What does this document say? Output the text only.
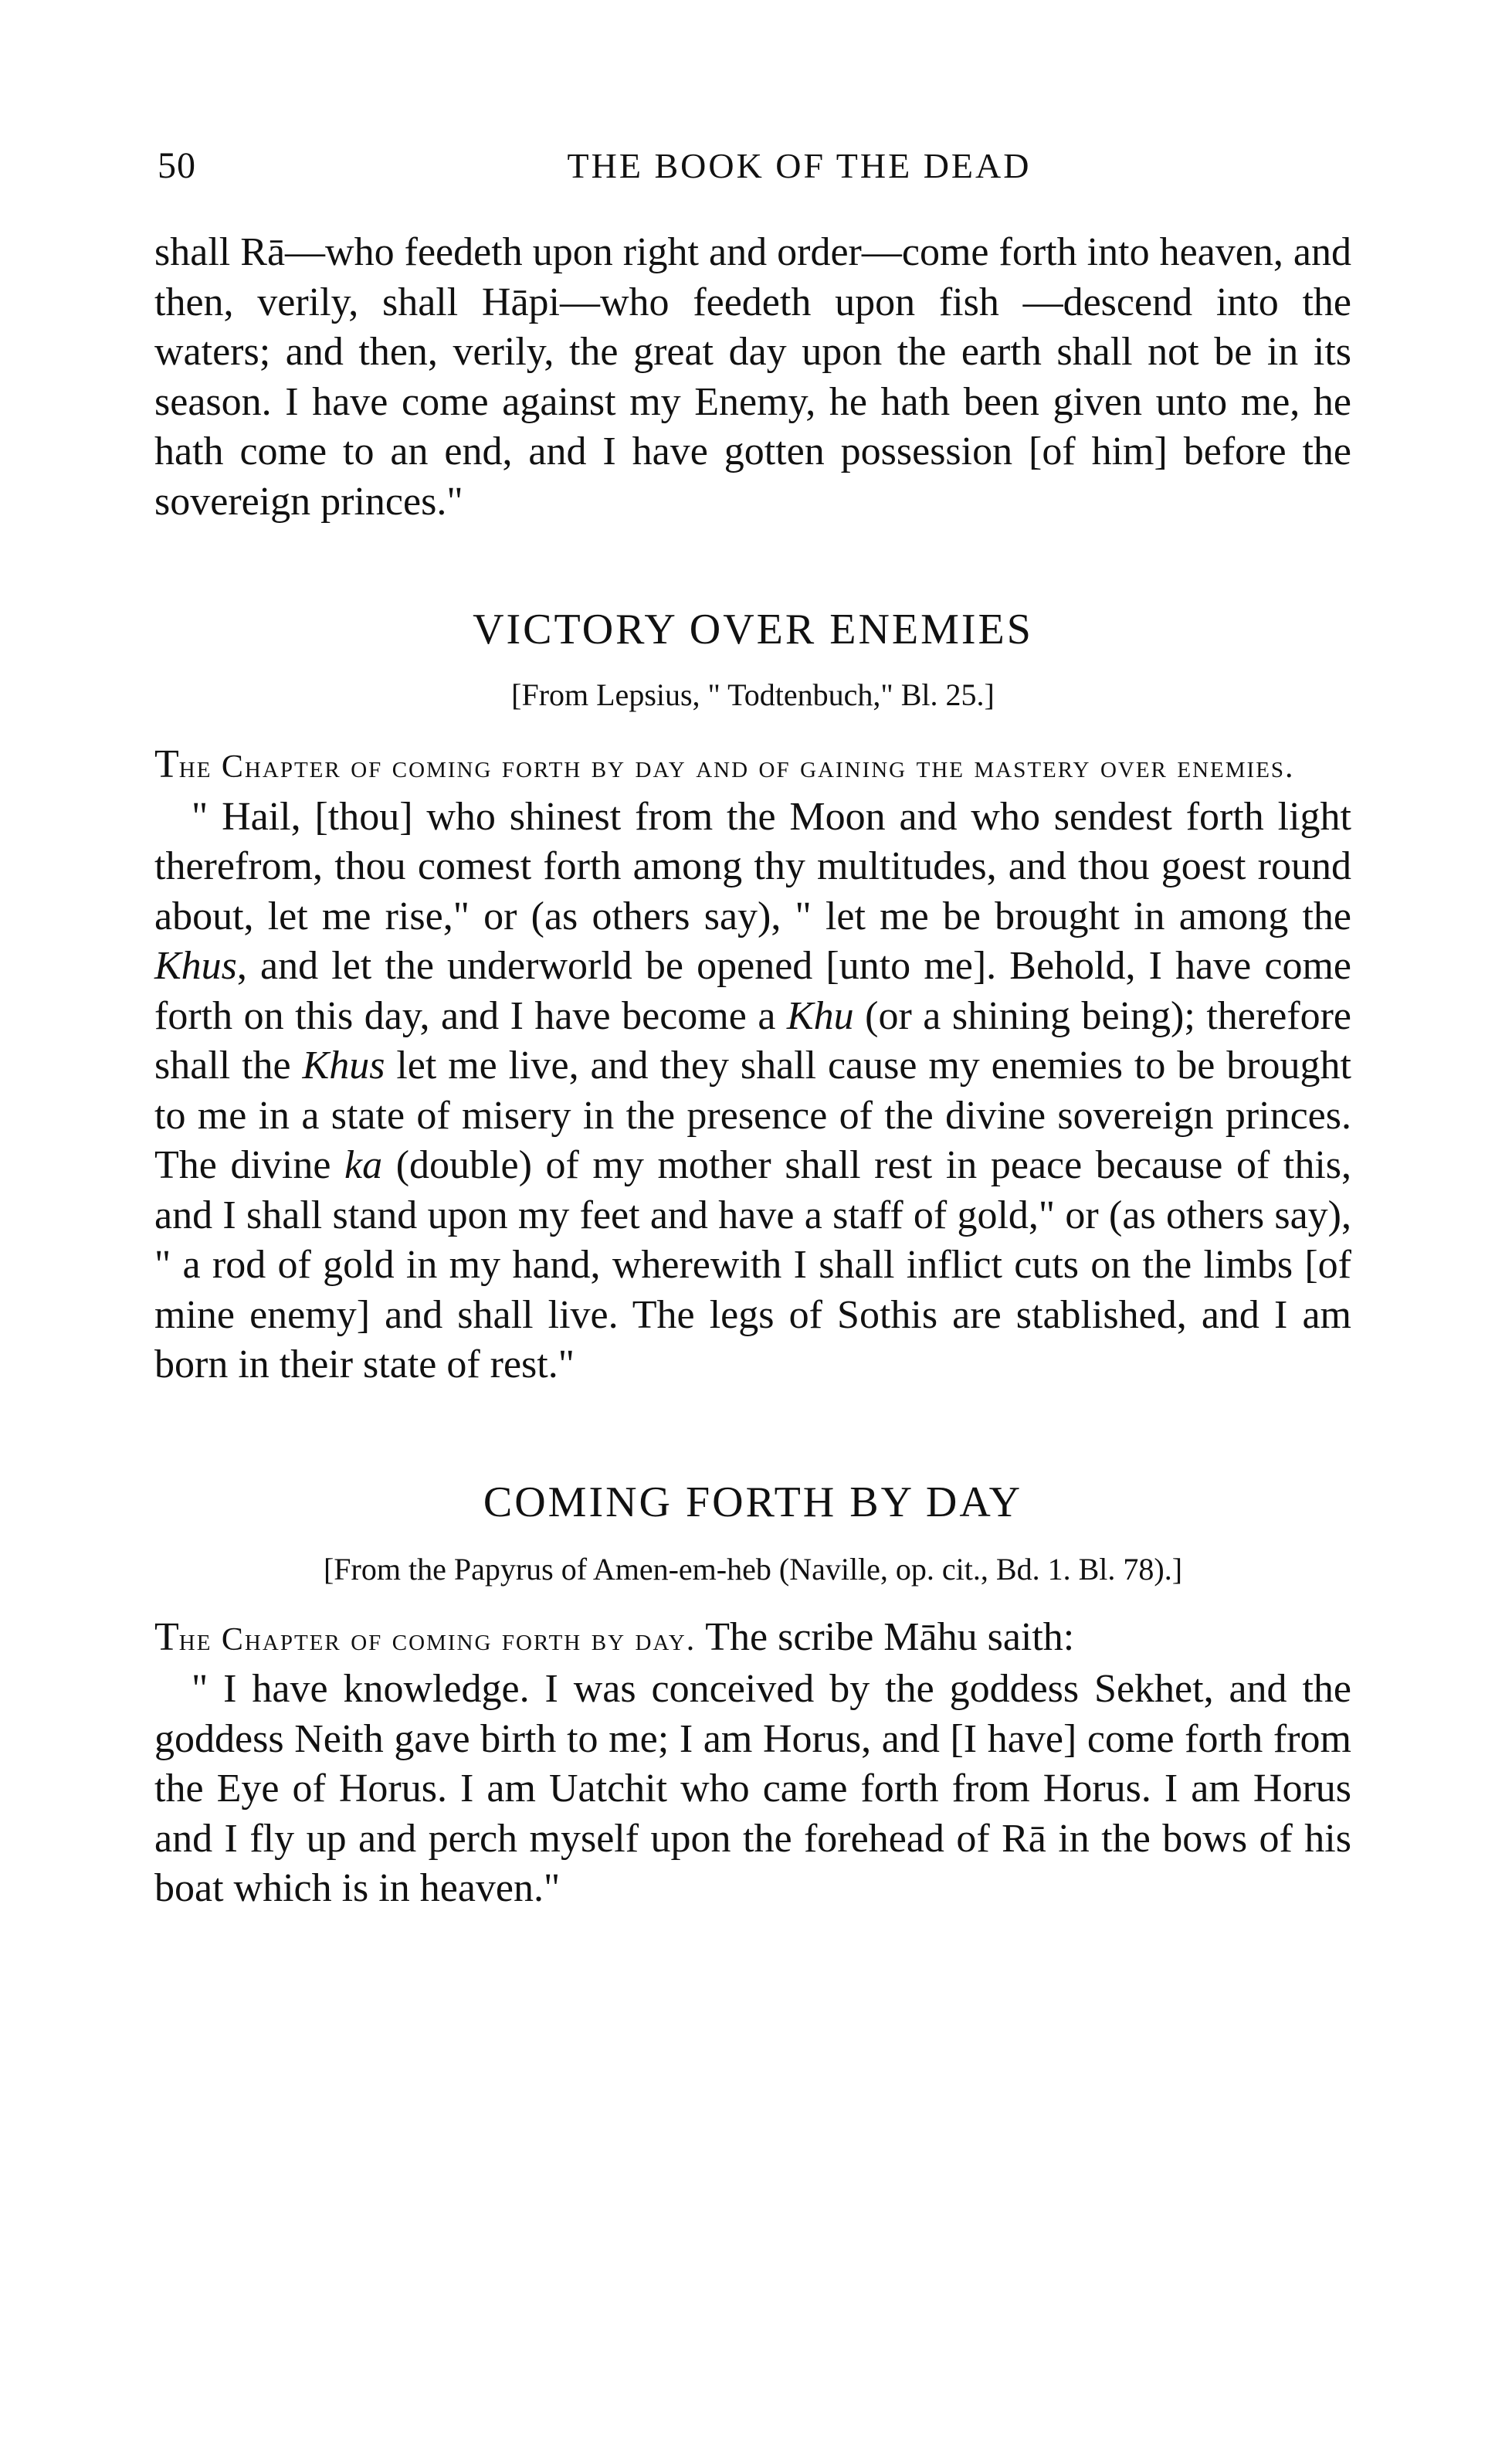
50	THE BOOK OF THE DEAD

shall Rā—who feedeth upon right and order—come forth into heaven, and then, verily, shall Hāpi—who feedeth upon fish —descend into the waters; and then, verily, the great day upon the earth shall not be in its season. I have come against my Enemy, he hath been given unto me, he hath come to an end, and I have gotten possession [of him] before the sovereign princes."

VICTORY OVER ENEMIES
[From Lepsius, " Todtenbuch," Bl. 25.]

The Chapter of coming forth by day and of gaining the mastery over enemies.

" Hail, [thou] who shinest from the Moon and who sendest forth light therefrom, thou comest forth among thy multitudes, and thou goest round about, let me rise," or (as others say), " let me be brought in among the Khus, and let the underworld be opened [unto me]. Behold, I have come forth on this day, and I have become a Khu (or a shining being); therefore shall the Khus let me live, and they shall cause my enemies to be brought to me in a state of misery in the presence of the divine sovereign princes. The divine ka (double) of my mother shall rest in peace because of this, and I shall stand upon my feet and have a staff of gold," or (as others say), " a rod of gold in my hand, wherewith I shall inflict cuts on the limbs [of mine enemy] and shall live. The legs of Sothis are stablished, and I am born in their state of rest."

COMING FORTH BY DAY
[From the Papyrus of Amen-em-heb (Naville, op. cit., Bd. 1. Bl. 78).]

The Chapter of coming forth by day. The scribe Māhu saith:

" I have knowledge. I was conceived by the goddess Sekhet, and the goddess Neith gave birth to me; I am Horus, and [I have] come forth from the Eye of Horus. I am Uatchit who came forth from Horus. I am Horus and I fly up and perch myself upon the forehead of Rā in the bows of his boat which is in heaven."
